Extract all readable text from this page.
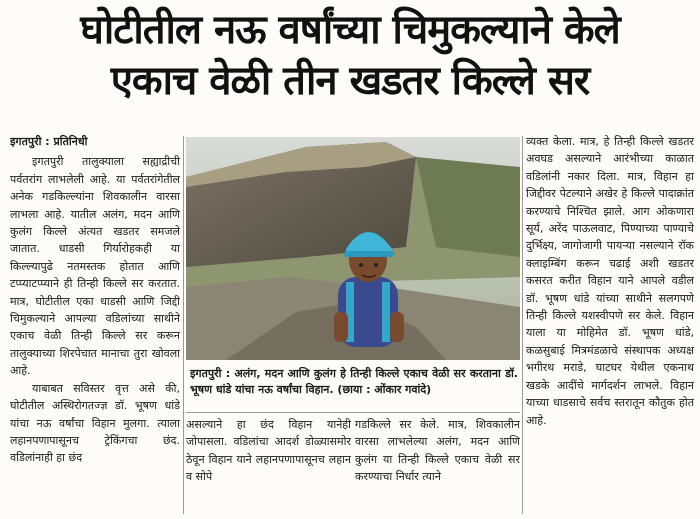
घोटीतील नऊ वर्षांच्या चिमुकल्याने केले
एकाच वेळी तीन खडतर किल्ले सर

इगतपुरी : प्रतिनिधी

इगतपुरी तालुक्याला सह्याद्रीची पर्वतरांग लाभलेली आहे. या पर्वतरांगेतील अनेक गडकिल्ल्यांना शिवकालीन वारसा लाभला आहे. यातील अलंग, मदन आणि कुलंग किल्ले अंत्यत खडतर समजले जातात. धाडसी गिर्यारोहकही या किल्ल्यापुढे नतमस्तक होतात आणि टप्प्याटप्प्याने ही तिन्ही किल्ले सर करतात. मात्र, घोटीतील एका धाडसी आणि जिद्दी चिमुकल्याने आपल्या वडिलांच्या साथीने एकाच वेळी तिन्ही किल्ले सर करून तालुक्याच्या शिरपेचात मानाचा तुरा खोवला आहे.

याबाबत सविस्तर वृत्त असे की, घोटीतील अस्थिरोगतज्ज्ञ डॉ. भूषण धांडे यांचा नऊ वर्षांचा विहान मुलगा. त्याला लहानपणापासूनच ट्रेकिंगचा छंद. वडिलांनाही हा छंद

इगतपुरी : अलंग, मदन आणि कुलंग हे तिन्ही किल्ले एकाच वेळी सर करताना डॉ. भूषण धांडे यांचा नऊ वर्षांचा विहान. (छाया : ओंकार गवांदे)

असल्याने हा छंद विहान यानेही जोपासला. वडिलांचा आदर्श डोळ्यासमोर ठेवून विहान याने लहानपणापासूनच लहान व सोपे

गडकिल्ले सर केले. मात्र, शिवकालीन वारसा लाभलेल्या अलंग, मदन आणि कुलंग या तिन्ही किल्ले एकाच वेळी सर करण्याचा निर्धार त्याने

व्यक्त केला. मात्र, हे तिन्ही किल्ले खडतर अवघड असल्याने आरंभीच्या काळात वडिलांनी नकार दिला. मात्र, विहान हा जिद्दीवर पेटल्याने अखेर हे किल्ले पादाक्रांत करण्याचे निश्चित झाले. आग ओकणारा सूर्य, अरेंद पाऊलवाट, पिण्याच्या पाण्याचे दुर्भिक्ष्य, जागोजागी पायऱ्या नसल्याने रॉक क्लाइम्बिंग करून चढाई अशी खडतर कसरत करीत विहान याने आपले वडील डॉ. भूषण धांडे यांच्या साथीने सलगपणे तिन्ही किल्ले यशस्वीपणे सर केले. विहान याला या मोहिमेत डॉ. भूषण धांडे, कळसुबाई मित्रमंडळाचे संस्थापक अध्यक्ष भगीरथ मराडे, घाटघर येथील एकनाथ खडके आदींचे मार्गदर्शन लाभले. विहान याच्या धाडसाचे सर्वच स्तरातून कौतुक होत आहे.
